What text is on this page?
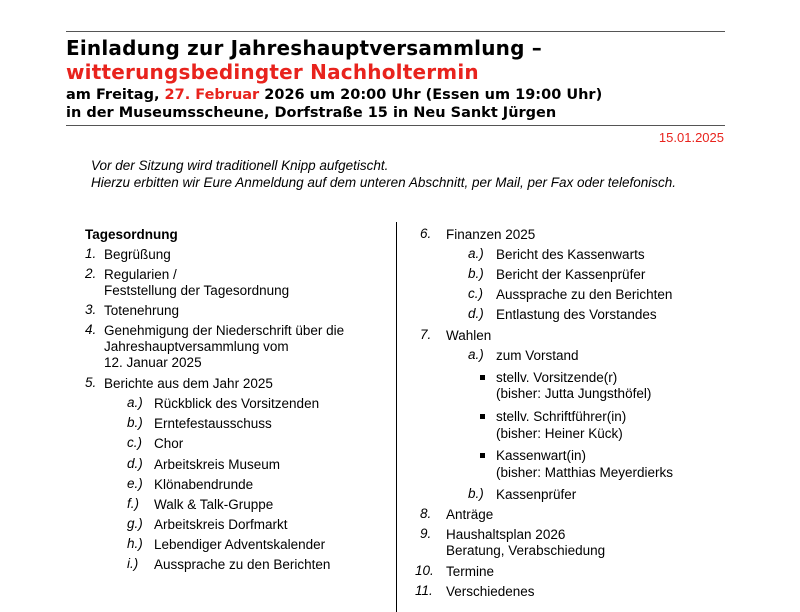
Einladung zur Jahreshauptversammlung –
witterungsbedingter Nachholtermin
am Freitag, 27. Februar 2026 um 20:00 Uhr (Essen um 19:00 Uhr)
in der Museumsscheune, Dorfstraße 15 in Neu Sankt Jürgen
15.01.2025
Vor der Sitzung wird traditionell Knipp aufgetischt.
Hierzu erbitten wir Eure Anmeldung auf dem unteren Abschnitt, per Mail, per Fax oder telefonisch.
Tagesordnung
1. Begrüßung
2. Regularien /
Feststellung der Tagesordnung
3. Totenehrung
4. Genehmigung der Niederschrift über die
Jahreshauptversammlung vom
12. Januar 2025
5. Berichte aus dem Jahr 2025
a.) Rückblick des Vorsitzenden
b.) Erntefestausschuss
c.) Chor
d.) Arbeitskreis Museum
e.) Klönabendrunde
f.) Walk & Talk-Gruppe
g.) Arbeitskreis Dorfmarkt
h.) Lebendiger Adventskalender
i.) Aussprache zu den Berichten
6. Finanzen 2025
a.) Bericht des Kassenwarts
b.) Bericht der Kassenprüfer
c.) Aussprache zu den Berichten
d.) Entlastung des Vorstandes
7. Wahlen
a.) zum Vorstand
stellv. Vorsitzende(r)
(bisher: Jutta Jungsthöfel)
stellv. Schriftführer(in)
(bisher: Heiner Kück)
Kassenwart(in)
(bisher: Matthias Meyerdierks
b.) Kassenprüfer
8. Anträge
9. Haushaltsplan 2026
Beratung, Verabschiedung
10. Termine
11. Verschiedenes
